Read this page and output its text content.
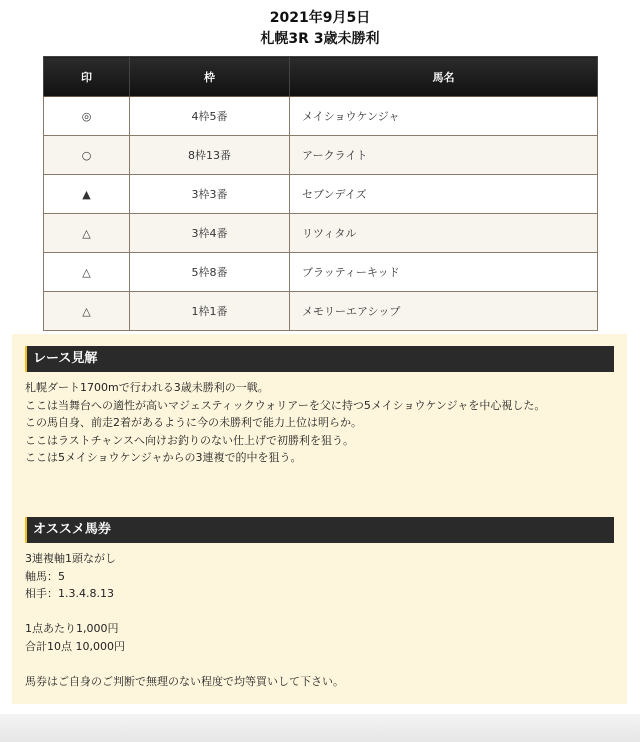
2021年9月5日
札幌3R 3歳未勝利
印	枠	馬名
◎	4枠5番	メイショウケンジャ
○	8枠13番	アークライト
▲	3枠3番	セブンデイズ
△	3枠4番	リツィタル
△	5枠8番	ブラッティーキッド
△	1枠1番	メモリーエアシップ
レース見解
札幌ダート1700mで行われる3歳未勝利の一戦。
ここは当舞台への適性が高いマジェスティックウォリアーを父に持つ5メイショウケンジャを中心視した。
この馬自身、前走2着があるように今の未勝利で能力上位は明らか。
ここはラストチャンスへ向けお釣りのない仕上げで初勝利を狙う。
ここは5メイショウケンジャからの3連複で的中を狙う。
オススメ馬券
3連複軸1頭ながし
軸馬：5
相手：1.3.4.8.13
1点あたり1,000円
合計10点 10,000円
馬券はご自身のご判断で無理のない程度で均等買いして下さい。
